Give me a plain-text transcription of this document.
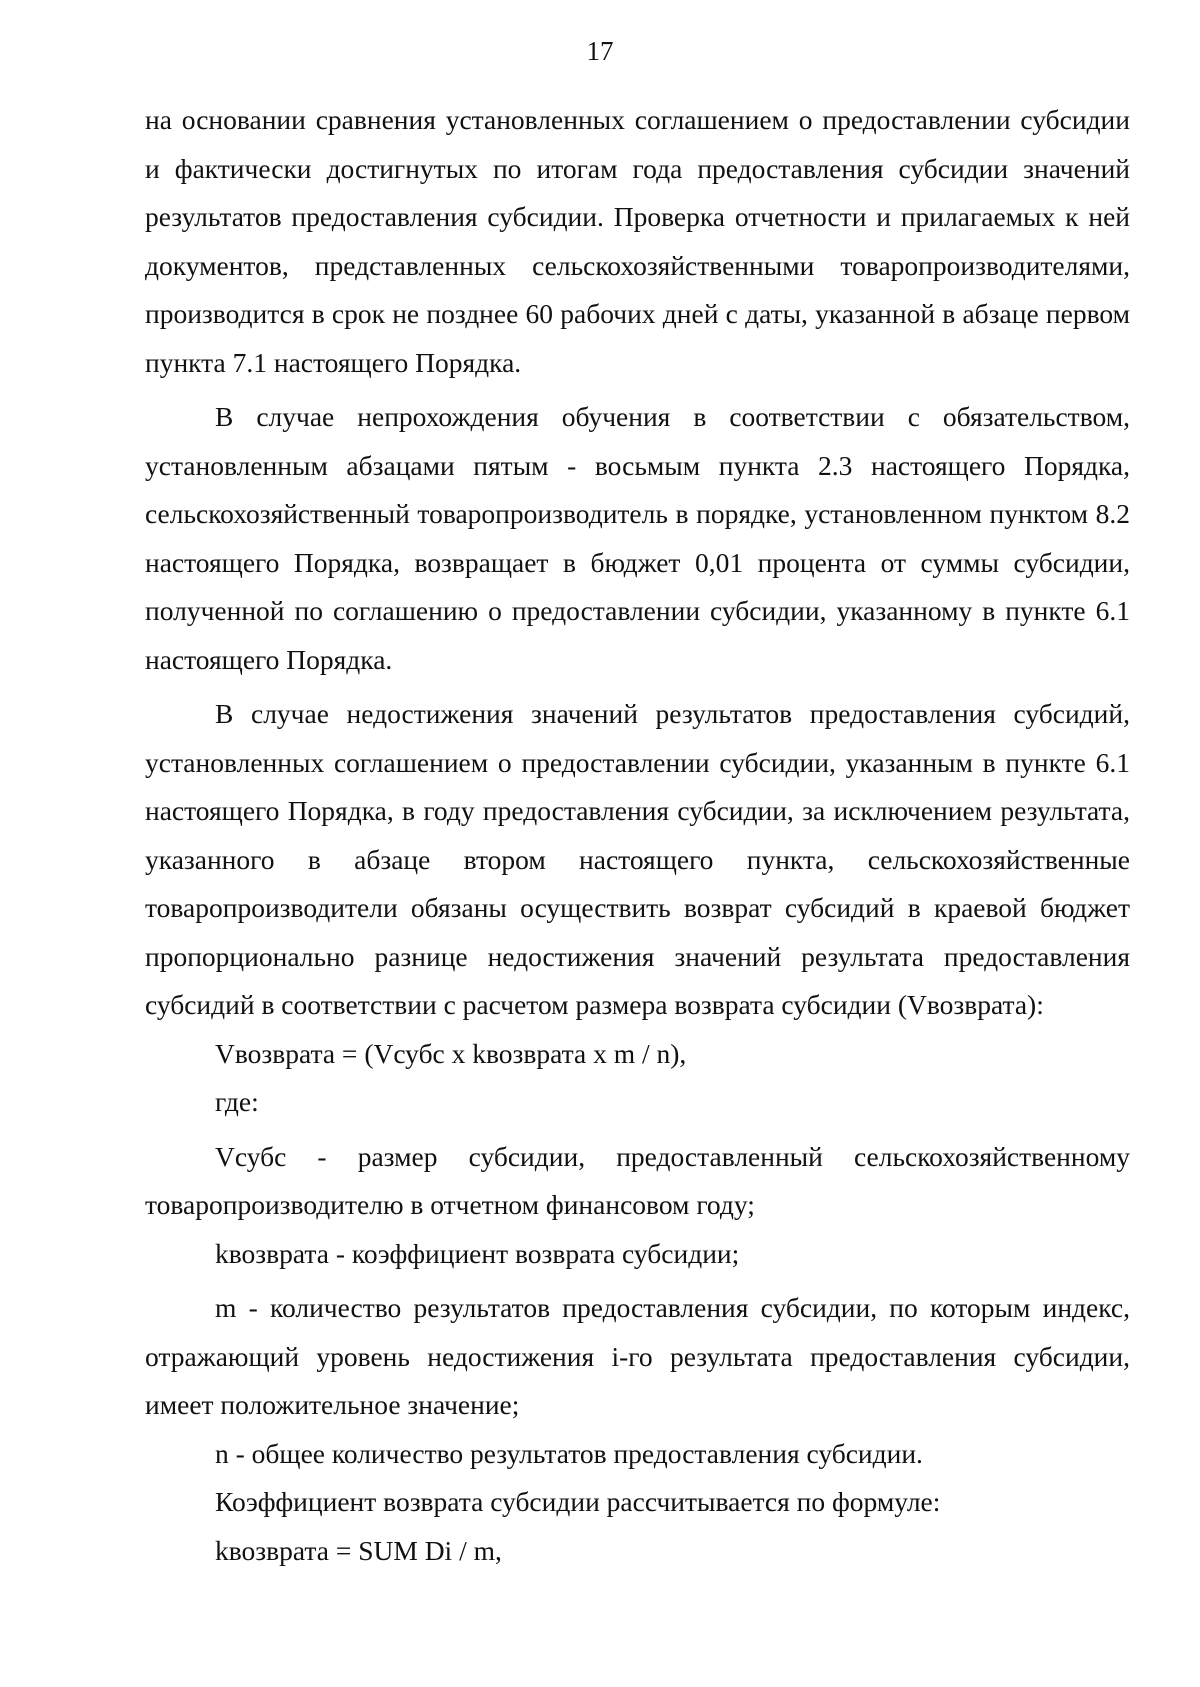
17

на основании сравнения установленных соглашением о предоставлении субсидии и фактически достигнутых по итогам года предоставления субсидии значений результатов предоставления субсидии. Проверка отчетности и прилагаемых к ней документов, представленных сельскохозяйственными товаропроизводителями, производится в срок не позднее 60 рабочих дней с даты, указанной в абзаце первом пункта 7.1 настоящего Порядка.

В случае непрохождения обучения в соответствии с обязательством, установленным абзацами пятым - восьмым пункта 2.3 настоящего Порядка, сельскохозяйственный товаропроизводитель в порядке, установленном пунктом 8.2 настоящего Порядка, возвращает в бюджет 0,01 процента от суммы субсидии, полученной по соглашению о предоставлении субсидии, указанному в пункте 6.1 настоящего Порядка.

В случае недостижения значений результатов предоставления субсидий, установленных соглашением о предоставлении субсидии, указанным в пункте 6.1 настоящего Порядка, в году предоставления субсидии, за исключением результата, указанного в абзаце втором настоящего пункта, сельскохозяйственные товаропроизводители обязаны осуществить возврат субсидий в краевой бюджет пропорционально разнице недостижения значений результата предоставления субсидий в соответствии с расчетом размера возврата субсидии (Vвозврата):

Vвозврата = (Vсубс x kвозврата x m / n),

где:

Vсубс - размер субсидии, предоставленный сельскохозяйственному товаропроизводителю в отчетном финансовом году;

kвозврата - коэффициент возврата субсидии;

m - количество результатов предоставления субсидии, по которым индекс, отражающий уровень недостижения i-го результата предоставления субсидии, имеет положительное значение;

n - общее количество результатов предоставления субсидии.

Коэффициент возврата субсидии рассчитывается по формуле:

kвозврата = SUM Di / m,
